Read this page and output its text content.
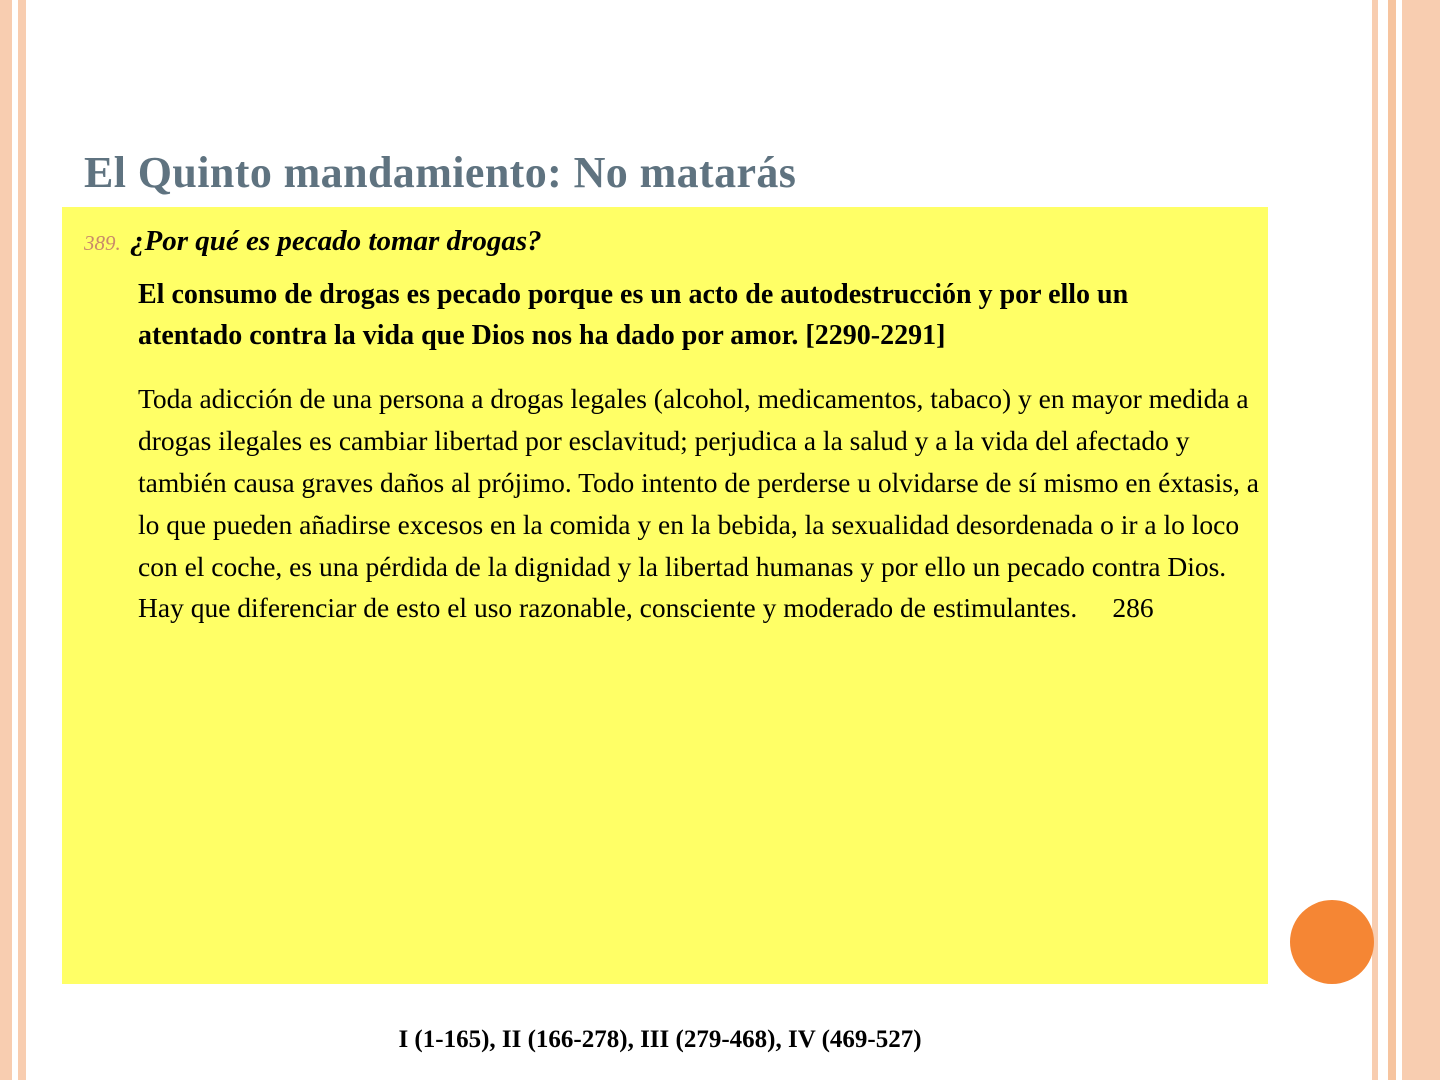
El Quinto mandamiento: No matarás
389. ¿Por qué es pecado tomar drogas?

El consumo de drogas es pecado porque es un acto de autodestrucción y por ello un atentado contra la vida que Dios nos ha dado por amor. [2290-2291]

Toda adicción de una persona a drogas legales (alcohol, medicamentos, tabaco) y en mayor medida a drogas ilegales es cambiar libertad por esclavitud; perjudica a la salud y a la vida del afectado y también causa graves daños al prójimo. Todo intento de perderse u olvidarse de sí mismo en éxtasis, a lo que pueden añadirse excesos en la comida y en la bebida, la sexualidad desordenada o ir a lo loco con el coche, es una pérdida de la dignidad y la libertad humanas y por ello un pecado contra Dios. Hay que diferenciar de esto el uso razonable, consciente y moderado de estimulantes. 286

I (1-165), II (166-278), III (279-468), IV (469-527)
